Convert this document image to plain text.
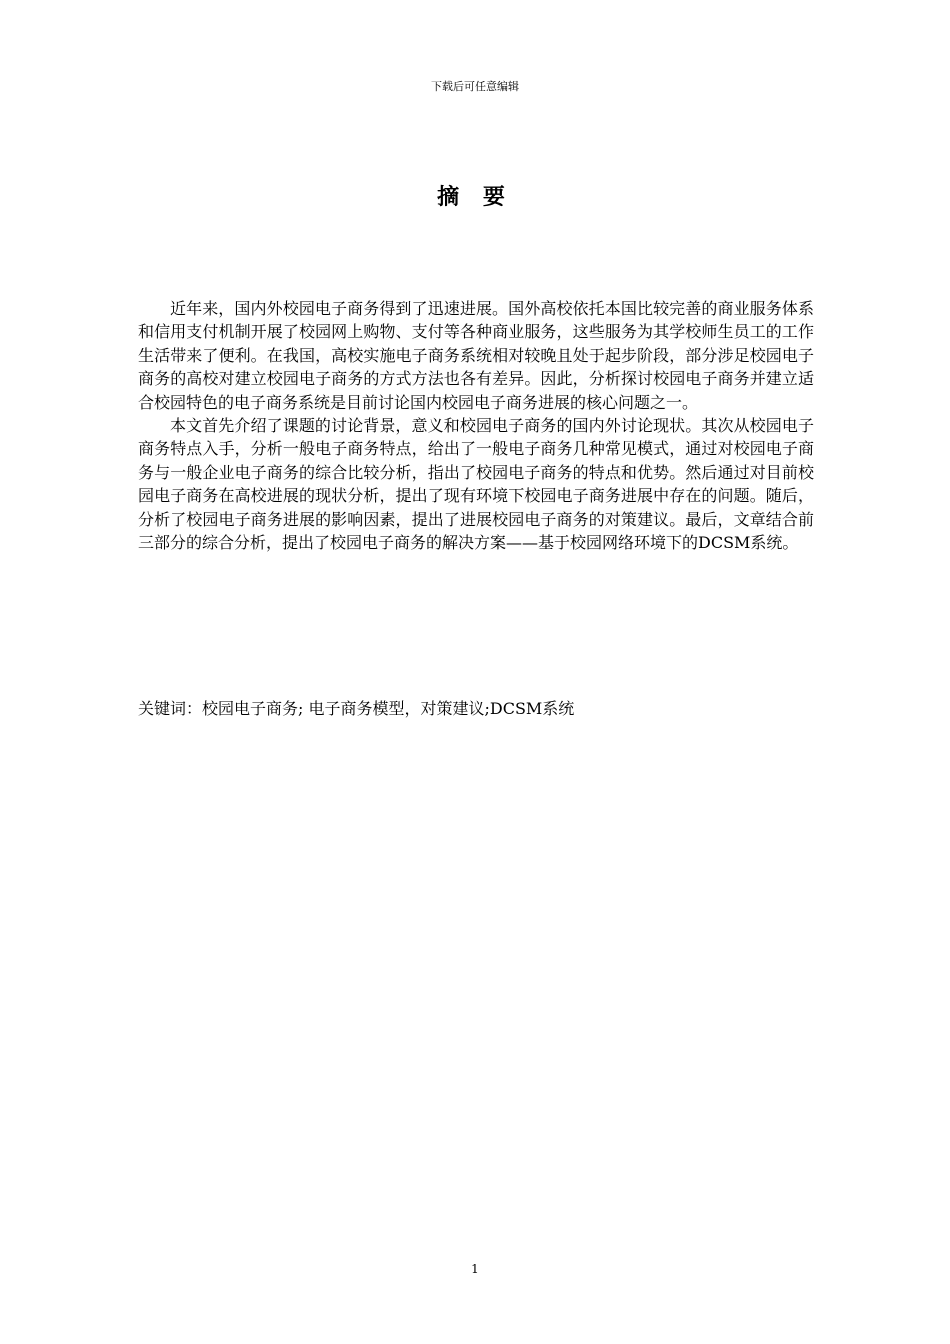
下载后可任意编辑
摘 要

近年来，国内外校园电子商务得到了迅速进展。国外高校依托本国比较完善的商业服务体系和信用支付机制开展了校园网上购物、支付等各种商业服务，这些服务为其学校师生员工的工作生活带来了便利。在我国，高校实施电子商务系统相对较晚且处于起步阶段，部分涉足校园电子商务的高校对建立校园电子商务的方式方法也各有差异。因此，分析探讨校园电子商务并建立适合校园特色的电子商务系统是目前讨论国内校园电子商务进展的核心问题之一。

本文首先介绍了课题的讨论背景，意义和校园电子商务的国内外讨论现状。其次从校园电子商务特点入手，分析一般电子商务特点，给出了一般电子商务几种常见模式，通过对校园电子商务与一般企业电子商务的综合比较分析，指出了校园电子商务的特点和优势。然后通过对目前校园电子商务在高校进展的现状分析，提出了现有环境下校园电子商务进展中存在的问题。随后，分析了校园电子商务进展的影响因素，提出了进展校园电子商务的对策建议。最后，文章结合前三部分的综合分析，提出了校园电子商务的解决方案——基于校园网络环境下的DCSM系统。

关键词：校园电子商务; 电子商务模型，对策建议;DCSM系统
1
